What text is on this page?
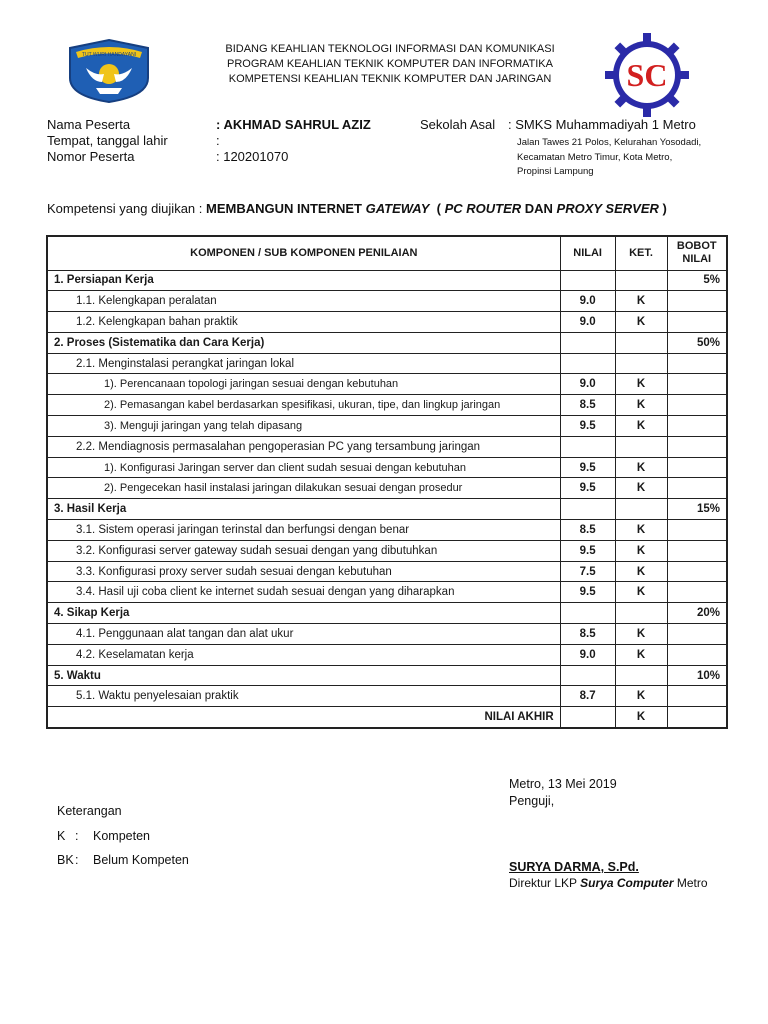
TUT WURI HANDAYANI	BIDANG KEAHLIAN TEKNOLOGI INFORMASI DAN KOMUNIKASI
PROGRAM KEAHLIAN TEKNIK KOMPUTER DAN INFORMATIKA
KOMPETENSI KEAHLIAN TEKNIK KOMPUTER DAN JARINGAN	SC
Nama Peserta	: AKHMAD SAHRUL AZIZ
Tempat, tanggal lahir	:
Nomor Peserta	: 120201070
Sekolah Asal : SMKS Muhammadiyah 1 Metro
Jalan Tawes 21 Polos, Kelurahan Yosodadi,
Kecamatan Metro Timur, Kota Metro,
Propinsi Lampung
Kompetensi yang diujikan : MEMBANGUN INTERNET GATEWAY  ( PC ROUTER DAN PROXY SERVER )
KOMPONEN / SUB KOMPONEN PENILAIAN	NILAI	KET.	BOBOT
NILAI

1. Persiapan Kerja			5%
1.1. Kelengkapan peralatan	9.0	K	
1.2. Kelengkapan bahan praktik	9.0	K	
2. Proses (Sistematika dan Cara Kerja)			50%
2.1. Menginstalasi perangkat jaringan lokal			
1). Perencanaan topologi jaringan sesuai dengan kebutuhan	9.0	K	
2). Pemasangan kabel berdasarkan spesifikasi, ukuran, tipe, dan lingkup jaringan	8.5	K	
3). Menguji jaringan yang telah dipasang	9.5	K	
2.2. Mendiagnosis permasalahan pengoperasian PC yang tersambung jaringan			
1). Konfigurasi Jaringan server dan client sudah sesuai dengan kebutuhan	9.5	K	
2). Pengecekan hasil instalasi jaringan dilakukan sesuai dengan prosedur	9.5	K	
3. Hasil Kerja			15%
3.1. Sistem operasi jaringan terinstal dan berfungsi dengan benar	8.5	K	
3.2. Konfigurasi server gateway sudah sesuai dengan yang dibutuhkan	9.5	K	
3.3. Konfigurasi proxy server sudah sesuai dengan kebutuhan	7.5	K	
3.4. Hasil uji coba client ke internet sudah sesuai dengan yang diharapkan	9.5	K	
4. Sikap Kerja			20%
4.1. Penggunaan alat tangan dan alat ukur	8.5	K	
4.2. Keselamatan kerja	9.0	K	
5. Waktu			10%
5.1. Waktu penyelesaian praktik	8.7	K	
NILAI AKHIR		K	
Metro, 13 Mei 2019
Penguji,
Keterangan
K : Kompeten
BK : Belum Kompeten	SURYA DARMA, S.Pd.
Direktur LKP Surya Computer Metro
